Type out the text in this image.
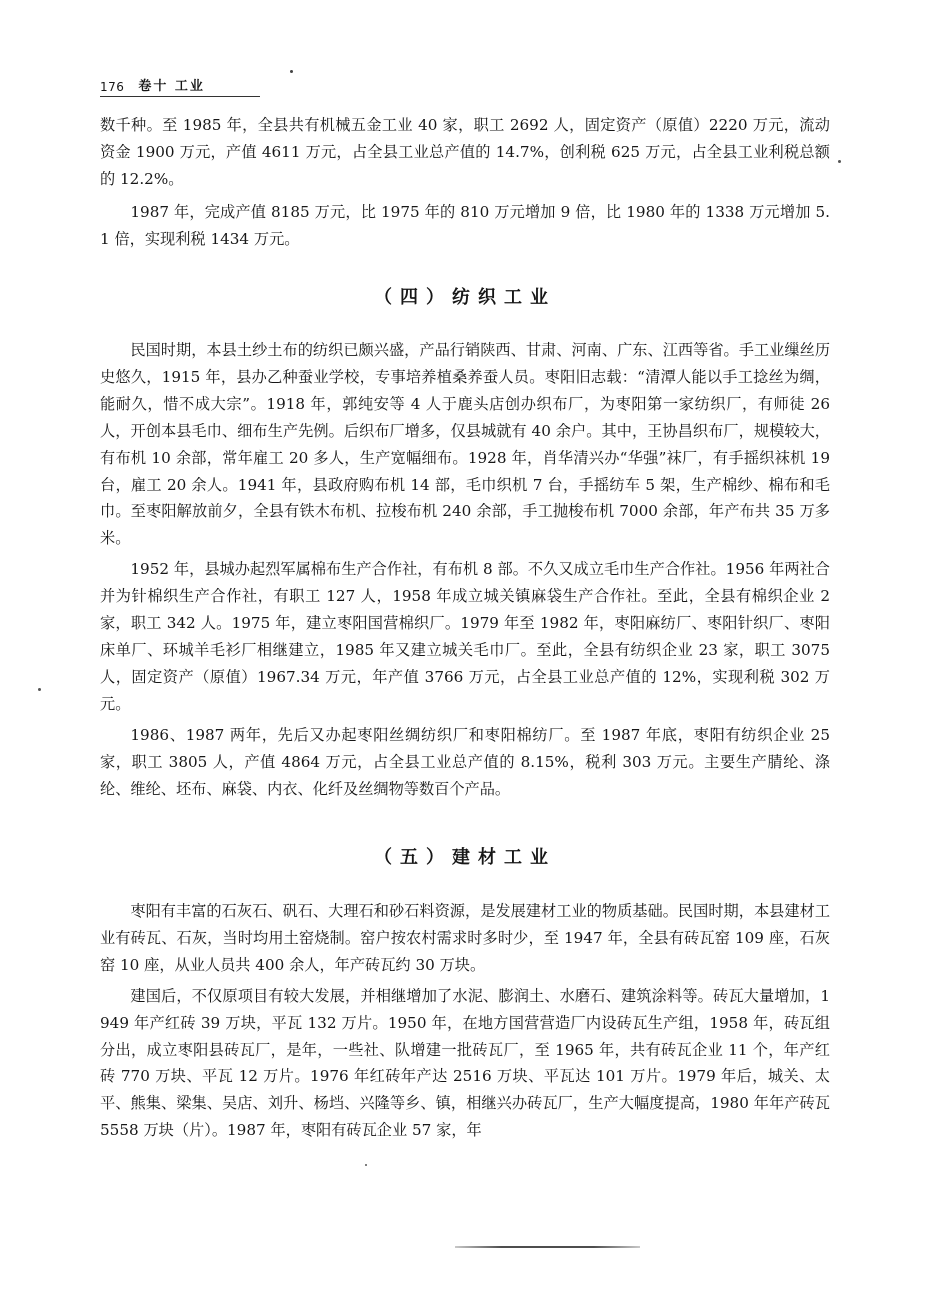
176 卷十 工业

数千种。至 1985 年，全县共有机械五金工业 40 家，职工 2692 人，固定资产（原值）2220 万元，流动资金 1900 万元，产值 4611 万元，占全县工业总产值的 14.7%，创利税 625 万元，占全县工业利税总额的 12.2%。

1987 年，完成产值 8185 万元，比 1975 年的 810 万元增加 9 倍，比 1980 年的 1338 万元增加 5.1 倍，实现利税 1434 万元。

（四）纺织工业

民国时期，本县土纱土布的纺织已颇兴盛，产品行销陕西、甘肃、河南、广东、江西等省。手工业缫丝历史悠久，1915 年，县办乙种蚕业学校，专事培养植桑养蚕人员。枣阳旧志载：“清潭人能以手工捻丝为绸，能耐久，惜不成大宗”。1918 年，郭纯安等 4 人于鹿头店创办织布厂，为枣阳第一家纺织厂，有师徒 26 人，开创本县毛巾、细布生产先例。后织布厂增多，仅县城就有 40 余户。其中，王协昌织布厂，规模较大，有布机 10 余部，常年雇工 20 多人，生产宽幅细布。1928 年，肖华清兴办“华强”袜厂，有手摇织袜机 19 台，雇工 20 余人。1941 年，县政府购布机 14 部，毛巾织机 7 台，手摇纺车 5 架，生产棉纱、棉布和毛巾。至枣阳解放前夕，全县有铁木布机、拉梭布机 240 余部，手工抛梭布机 7000 余部，年产布共 35 万多米。

1952 年，县城办起烈军属棉布生产合作社，有布机 8 部。不久又成立毛巾生产合作社。1956 年两社合并为针棉织生产合作社，有职工 127 人，1958 年成立城关镇麻袋生产合作社。至此，全县有棉织企业 2 家，职工 342 人。1975 年，建立枣阳国营棉织厂。1979 年至 1982 年，枣阳麻纺厂、枣阳针织厂、枣阳床单厂、环城羊毛衫厂相继建立，1985 年又建立城关毛巾厂。至此，全县有纺织企业 23 家，职工 3075 人，固定资产（原值）1967.34 万元，年产值 3766 万元，占全县工业总产值的 12%，实现利税 302 万元。

1986、1987 两年，先后又办起枣阳丝绸纺织厂和枣阳棉纺厂。至 1987 年底，枣阳有纺织企业 25 家，职工 3805 人，产值 4864 万元，占全县工业总产值的 8.15%，税利 303 万元。主要生产腈纶、涤纶、维纶、坯布、麻袋、内衣、化纤及丝绸物等数百个产品。

（五）建材工业

枣阳有丰富的石灰石、矾石、大理石和砂石料资源，是发展建材工业的物质基础。民国时期，本县建材工业有砖瓦、石灰，当时均用土窑烧制。窑户按农村需求时多时少，至 1947 年，全县有砖瓦窑 109 座，石灰窑 10 座，从业人员共 400 余人，年产砖瓦约 30 万块。

建国后，不仅原项目有较大发展，并相继增加了水泥、膨润土、水磨石、建筑涂料等。砖瓦大量增加，1949 年产红砖 39 万块，平瓦 132 万片。1950 年，在地方国营营造厂内设砖瓦生产组，1958 年，砖瓦组分出，成立枣阳县砖瓦厂，是年，一些社、队增建一批砖瓦厂，至 1965 年，共有砖瓦企业 11 个，年产红砖 770 万块、平瓦 12 万片。1976 年红砖年产达 2516 万块、平瓦达 101 万片。1979 年后，城关、太平、熊集、梁集、吴店、刘升、杨垱、兴隆等乡、镇，相继兴办砖瓦厂，生产大幅度提高，1980 年年产砖瓦 5558 万块（片）。1987 年，枣阳有砖瓦企业 57 家，年
